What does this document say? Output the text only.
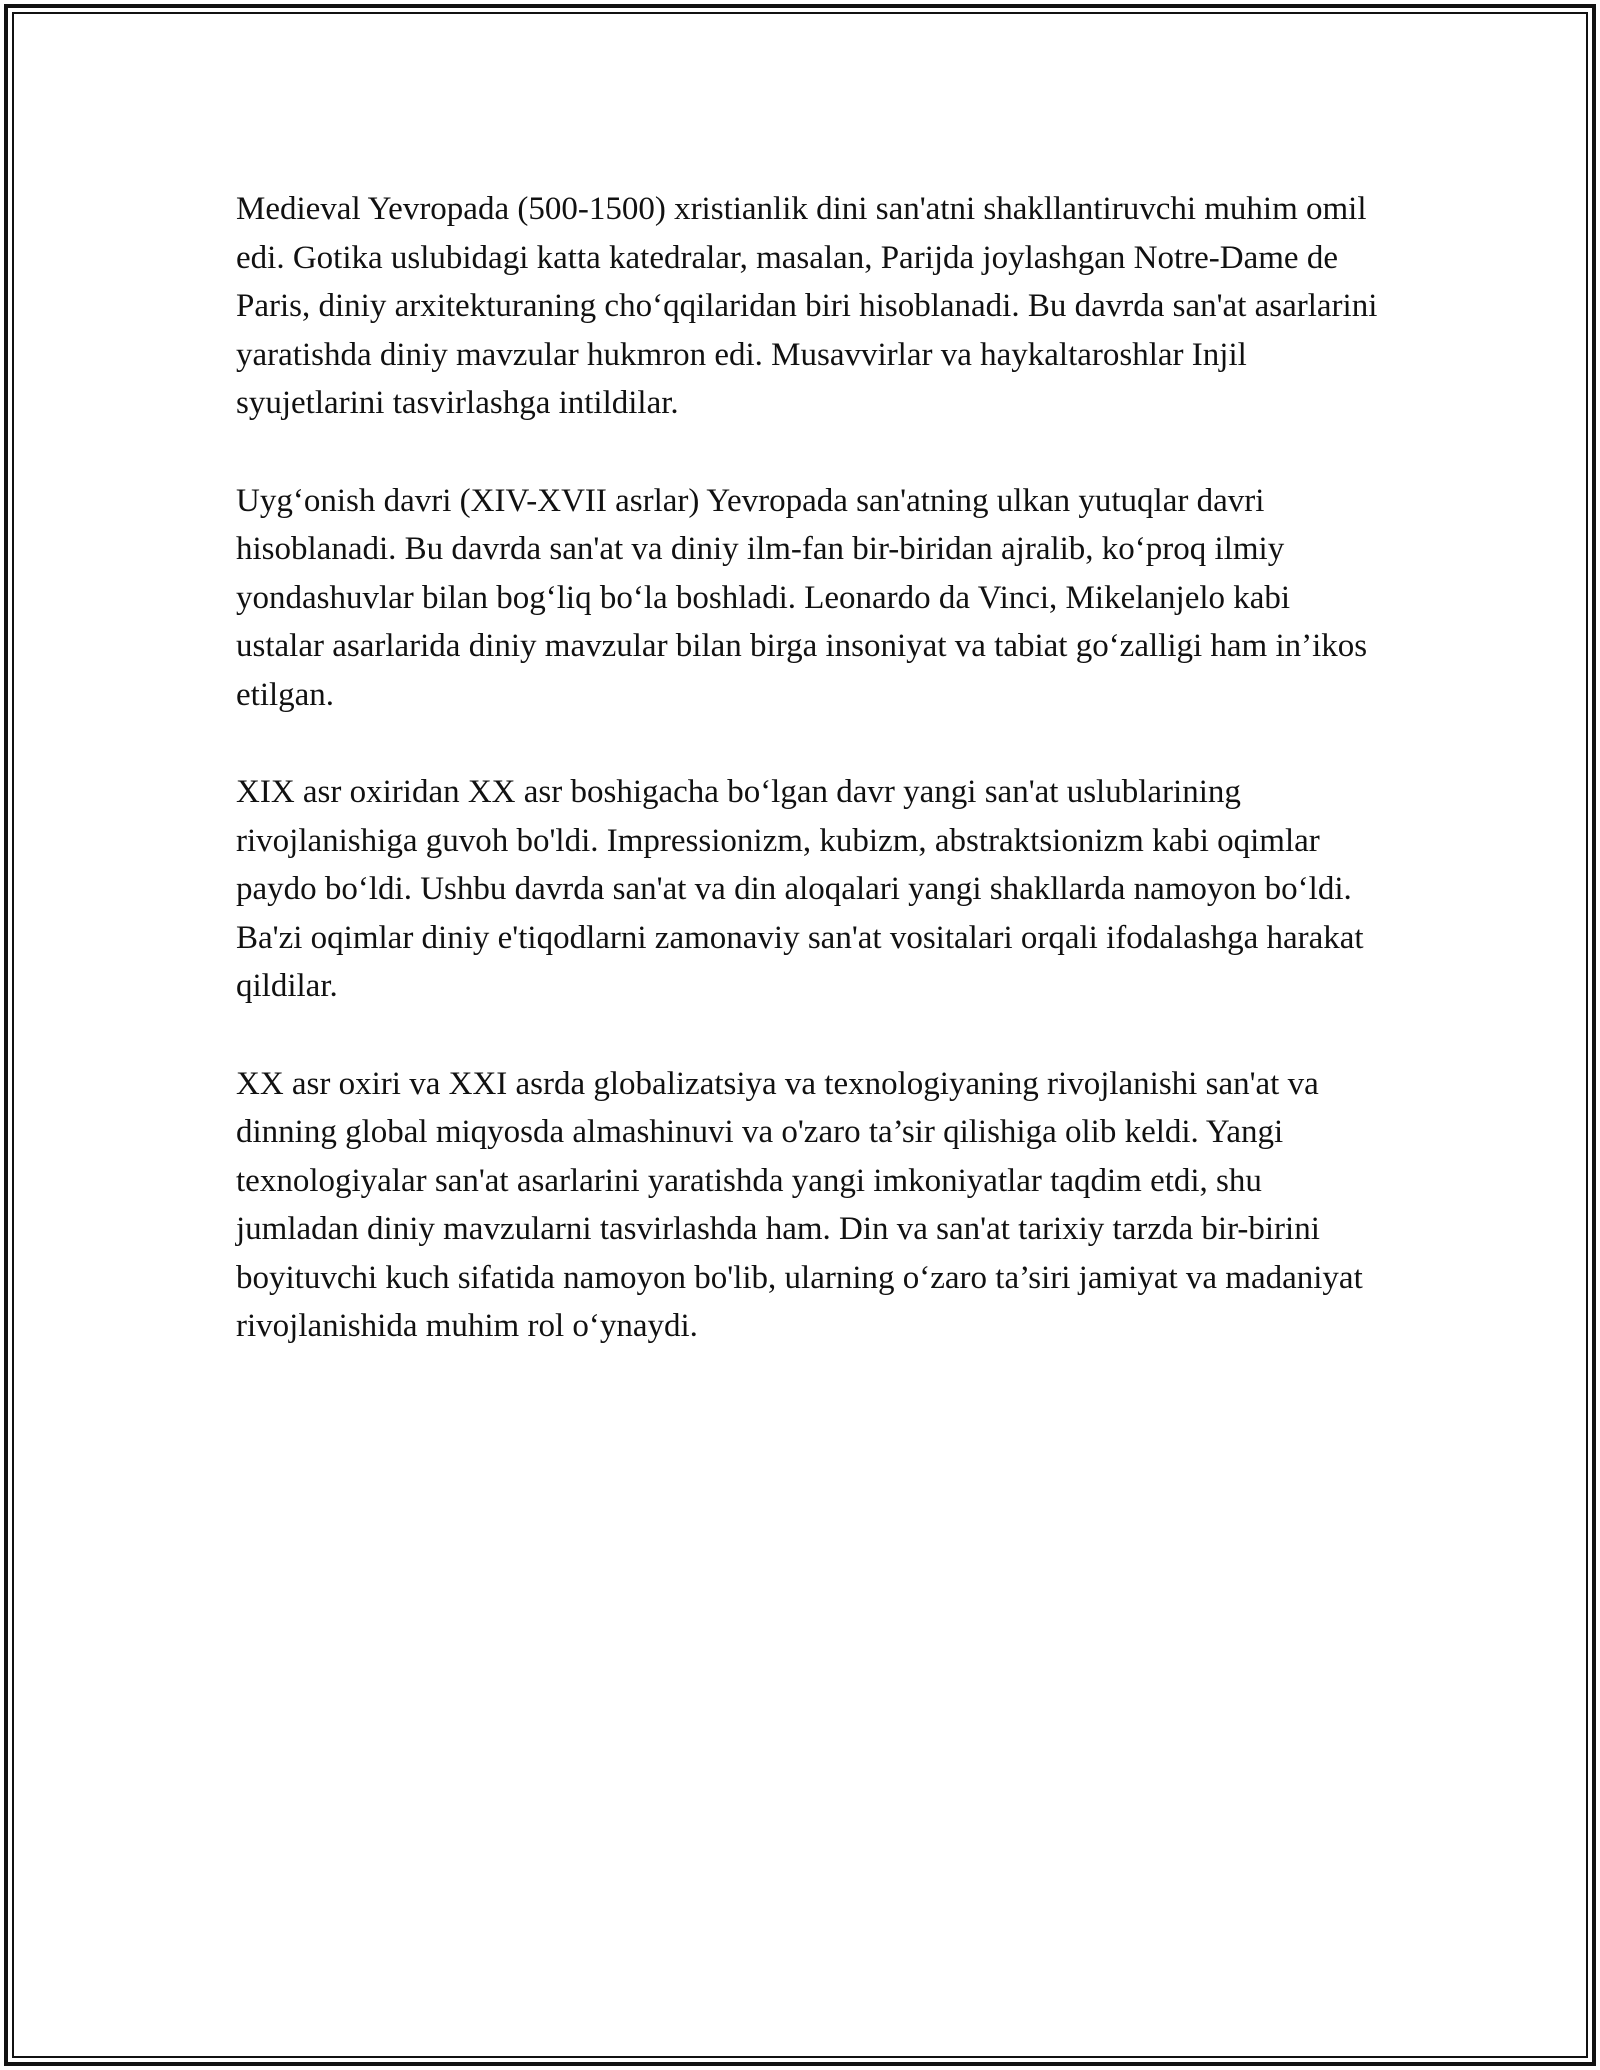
Medieval Yevropada (500-1500) xristianlik dini san'atni shakllantiruvchi muhim omil edi. Gotika uslubidagi katta katedralar, masalan, Parijda joylashgan Notre-Dame de Paris, diniy arxitekturaning cho‘qqilaridan biri hisoblanadi. Bu davrda san'at asarlarini yaratishda diniy mavzular hukmron edi. Musavvirlar va haykaltaroshlar Injil syujetlarini tasvirlashga intildilar.

Uyg‘onish davri (XIV-XVII asrlar) Yevropada san'atning ulkan yutuqlar davri hisoblanadi. Bu davrda san'at va diniy ilm-fan bir-biridan ajralib, ko‘proq ilmiy yondashuvlar bilan bog‘liq bo‘la boshladi. Leonardo da Vinci, Mikelanjelo kabi ustalar asarlarida diniy mavzular bilan birga insoniyat va tabiat go‘zalligi ham in’ikos etilgan.

XIX asr oxiridan XX asr boshigacha bo‘lgan davr yangi san'at uslublarining rivojlanishiga guvoh bo'ldi. Impressionizm, kubizm, abstraktsionizm kabi oqimlar paydo bo‘ldi. Ushbu davrda san'at va din aloqalari yangi shakllarda namoyon bo‘ldi. Ba'zi oqimlar diniy e'tiqodlarni zamonaviy san'at vositalari orqali ifodalashga harakat qildilar.

XX asr oxiri va XXI asrda globalizatsiya va texnologiyaning rivojlanishi san'at va dinning global miqyosda almashinuvi va o'zaro ta’sir qilishiga olib keldi. Yangi texnologiyalar san'at asarlarini yaratishda yangi imkoniyatlar taqdim etdi, shu jumladan diniy mavzularni tasvirlashda ham. Din va san'at tarixiy tarzda bir-birini boyituvchi kuch sifatida namoyon bo'lib, ularning o‘zaro ta’siri jamiyat va madaniyat rivojlanishida muhim rol o‘ynaydi.
